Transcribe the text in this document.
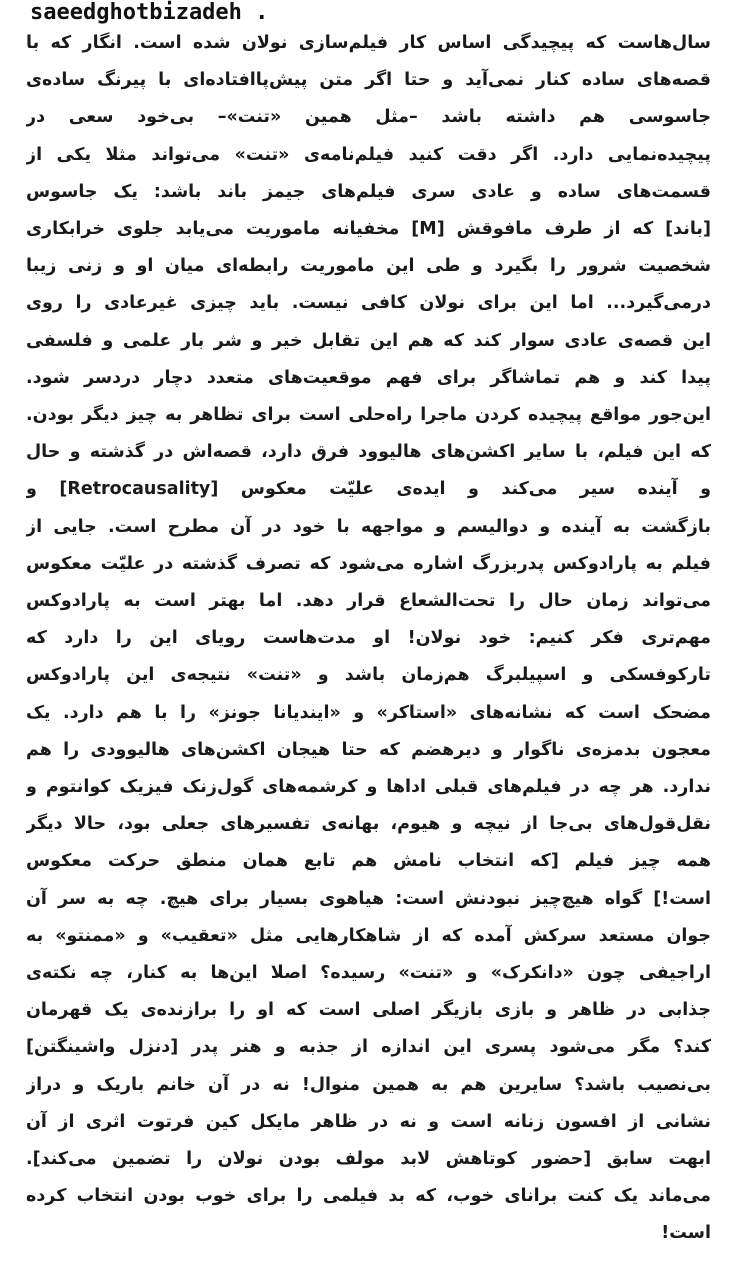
saeedghotbizadeh .
سال‌هاست که پیچیدگی اساس کار فیلم‌سازی نولان شده است. انگار که با
قصه‌های ساده کنار نمی‌آید و حتا اگر متن پیش‌پاافتاده‌ای با پیرنگ ساده‌ی
جاسوسی هم داشته باشد –مثل همین «تنت»– بی‌خود سعی در
پیچیده‌نمایی دارد. اگر دقت کنید فیلم‌نامه‌ی «تنت» می‌تواند مثلا یکی از
قسمت‌های ساده و عادی سری فیلم‌های جیمز باند باشد: یک جاسوس
[باند] که از طرف مافوقش [M] مخفیانه ماموریت می‌یابد جلوی خرابکاری
شخصیت شرور را بگیرد و طی این ماموریت رابطه‌ای میان او و زنی زیبا
درمی‌گیرد... اما این برای نولان کافی نیست. باید چیزی غیرعادی را روی
این قصه‌ی عادی سوار کند که هم این تقابل خیر و شر بار علمی و فلسفی
پیدا کند و هم تماشاگر برای فهم موقعیت‌های متعدد دچار دردسر شود.
این‌جور مواقع پیچیده کردن ماجرا راه‌حلی است برای تظاهر به چیز دیگر بودن.
که این فیلم، با سایر اکشن‌های هالیوود فرق دارد، قصه‌اش در گذشته و حال
و آینده سیر می‌کند و ایده‌ی علیّت معکوس [Retrocausality] و
بازگشت به آینده و دوالیسم و مواجهه با خود در آن مطرح است. جایی از
فیلم به پارادوکس پدربزرگ اشاره می‌شود که تصرف گذشته در علیّت معکوس
می‌تواند زمان حال را تحت‌الشعاع قرار دهد. اما بهتر است به پارادوکس
مهم‌تری فکر کنیم: خود نولان! او مدت‌هاست رویای این را دارد که
تارکوفسکی و اسپیلبرگ هم‌زمان باشد و «تنت» نتیجه‌ی این پارادوکس
مضحک است که نشانه‌های «استاکر» و «ایندیانا جونز» را با هم دارد. یک
معجون بدمزه‌ی ناگوار و دیرهضم که حتا هیجان اکشن‌های هالیوودی را هم
ندارد. هر چه در فیلم‌های قبلی اداها و کرشمه‌های گول‌زنک فیزیک کوانتوم و
نقل‌قول‌های بی‌جا از نیچه و هیوم، بهانه‌ی تفسیرهای جعلی بود، حالا دیگر
همه چیز فیلم [که انتخاب نامش هم تابع همان منطق حرکت معکوس
است!] گواه هیچ‌چیز نبودنش است: هیاهوی بسیار برای هیچ. چه به سر آن
جوان مستعد سرکش آمده که از شاهکارهایی مثل «تعقیب» و «ممنتو» به
اراجیفی چون «دانکرک» و «تنت» رسیده؟ اصلا این‌ها به کنار، چه نکته‌ی
جذابی در ظاهر و بازی بازیگر اصلی است که او را برازنده‌ی یک قهرمان
کند؟ مگر می‌شود پسری این اندازه از جذبه و هنر پدر [دنزل واشینگتن]
بی‌نصیب باشد؟ سایرین هم به همین منوال! نه در آن خانم باریک و دراز
نشانی از افسون زنانه است و نه در ظاهر مایکل کین فرتوت اثری از آن
ابهت سابق [حضور کوتاهش لابد مولف بودن نولان را تضمین می‌کند].
می‌ماند یک کنت برانای خوب، که بد فیلمی را برای خوب بودن انتخاب کرده
است!
